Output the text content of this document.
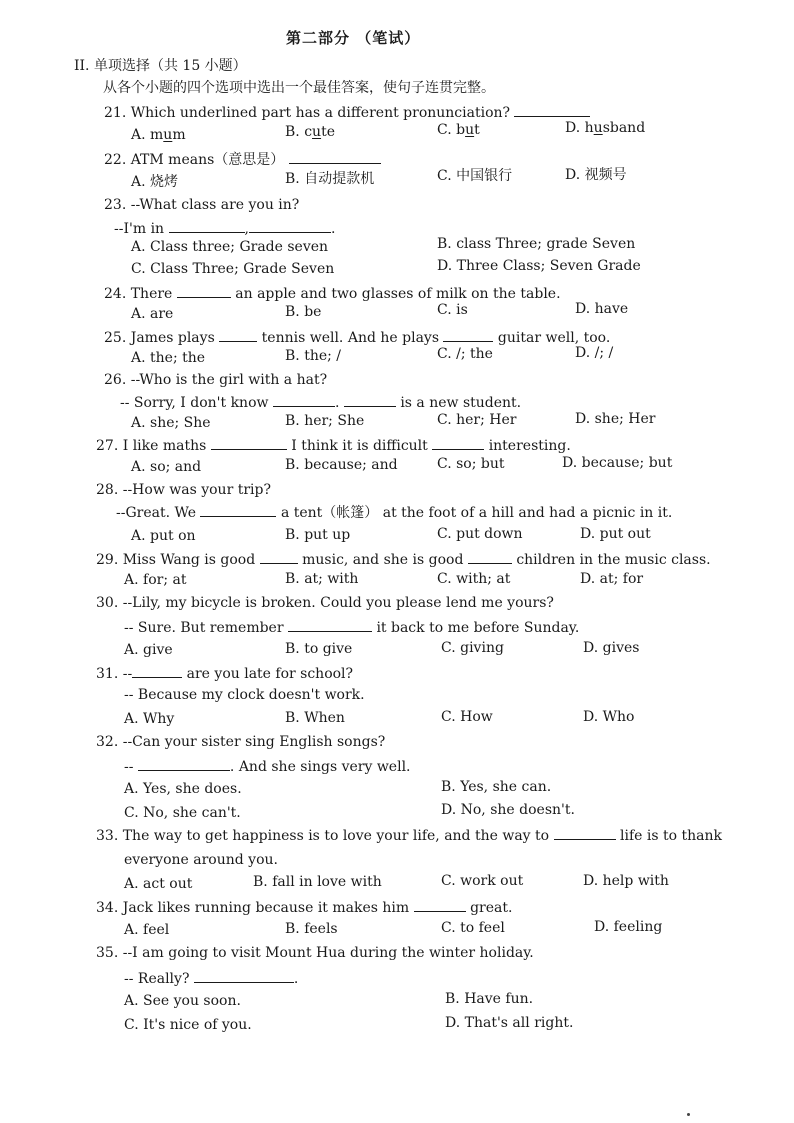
第二部分 （笔试）
II. 单项选择（共 15 小题）
从各个小题的四个选项中选出一个最佳答案，使句子连贯完整。
21. Which underlined part has a different pronunciation?
A. mum	B. cute	C. but	D. husband
22. ATM means（意思是）
A. 烧烤	B. 自动提款机	C. 中国银行	D. 视频号
23. --What class are you in?
--I'm in	,	.
A. Class three; Grade seven	B. class Three; grade Seven
C. Class Three; Grade Seven	D. Three Class; Seven Grade
24. There	an apple and two glasses of milk on the table.
A. are	B. be	C. is	D. have
25. James plays	tennis well. And he plays	guitar well, too.
A. the; the	B. the; /	C. /; the	D. /; /
26. --Who is the girl with a hat?
-- Sorry, I don't know	.	is a new student.
A. she; She	B. her; She	C. her; Her	D. she; Her
27. I like maths	I think it is difficult	interesting.
A. so; and	B. because; and	C. so; but	D. because; but
28. --How was your trip?
--Great. We	a tent（帐篷） at the foot of a hill and had a picnic in it.
A. put on	B. put up	C. put down	D. put out
29. Miss Wang is good	music, and she is good	children in the music class.
A. for; at	B. at; with	C. with; at	D. at; for
30. --Lily, my bicycle is broken. Could you please lend me yours?
-- Sure. But remember	it back to me before Sunday.
A. give	B. to give	C. giving	D. gives
31. --	are you late for school?
-- Because my clock doesn't work.
A. Why	B. When	C. How	D. Who
32. --Can your sister sing English songs?
--	. And she sings very well.
A. Yes, she does.	B. Yes, she can.
C. No, she can't.	D. No, she doesn't.
33. The way to get happiness is to love your life, and the way to	life is to thank
everyone around you.
A. act out	B. fall in love with	C. work out	D. help with
34. Jack likes running because it makes him	great.
A. feel	B. feels	C. to feel	D. feeling
35. --I am going to visit Mount Hua during the winter holiday.
-- Really?	.
A. See you soon.	B. Have fun.
C. It's nice of you.	D. That's all right.
